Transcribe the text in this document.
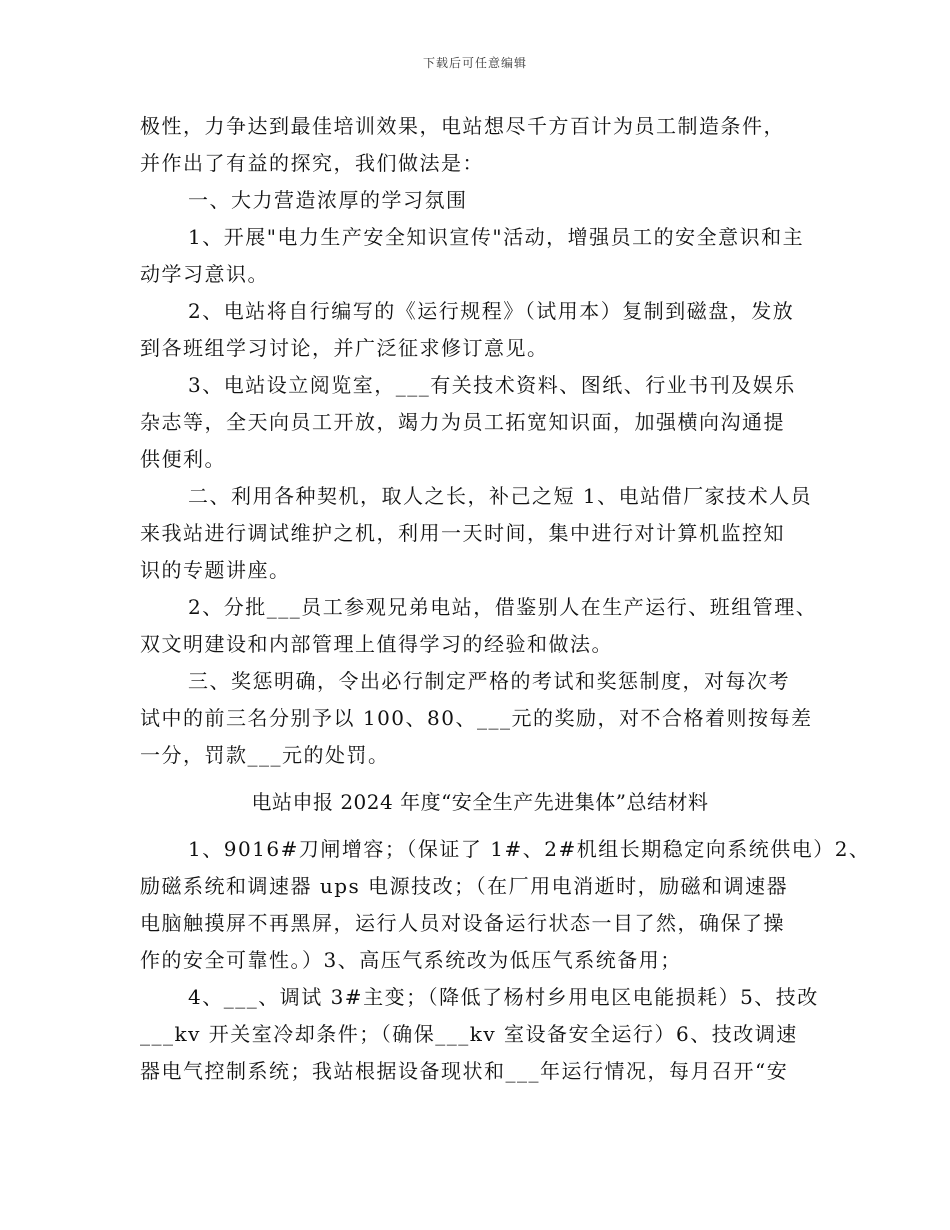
下载后可任意编辑
极性，力争达到最佳培训效果，电站想尽千方百计为员工制造条件，
并作出了有益的探究，我们做法是：
一、大力营造浓厚的学习氛围
1、开展"电力生产安全知识宣传"活动，增强员工的安全意识和主
动学习意识。
2、电站将自行编写的《运行规程》（试用本）复制到磁盘，发放
到各班组学习讨论，并广泛征求修订意见。
3、电站设立阅览室，___有关技术资料、图纸、行业书刊及娱乐
杂志等，全天向员工开放，竭力为员工拓宽知识面，加强横向沟通提
供便利。
二、利用各种契机，取人之长，补己之短 1、电站借厂家技术人员
来我站进行调试维护之机，利用一天时间，集中进行对计算机监控知
识的专题讲座。
2、分批___员工参观兄弟电站，借鉴别人在生产运行、班组管理、
双文明建设和内部管理上值得学习的经验和做法。
三、奖惩明确，令出必行制定严格的考试和奖惩制度，对每次考
试中的前三名分别予以 100、80、___元的奖励，对不合格着则按每差
一分，罚款___元的处罚。
电站申报 2024 年度“安全生产先进集体”总结材料
1、9016#刀闸增容；（保证了 1#、2#机组长期稳定向系统供电）2、
励磁系统和调速器 ups 电源技改；（在厂用电消逝时，励磁和调速器
电脑触摸屏不再黑屏，运行人员对设备运行状态一目了然，确保了操
作的安全可靠性。）3、高压气系统改为低压气系统备用；
4、___、调试 3#主变；（降低了杨村乡用电区电能损耗）5、技改
___kv 开关室冷却条件；（确保___kv 室设备安全运行）6、技改调速
器电气控制系统；我站根据设备现状和___年运行情况，每月召开“安
